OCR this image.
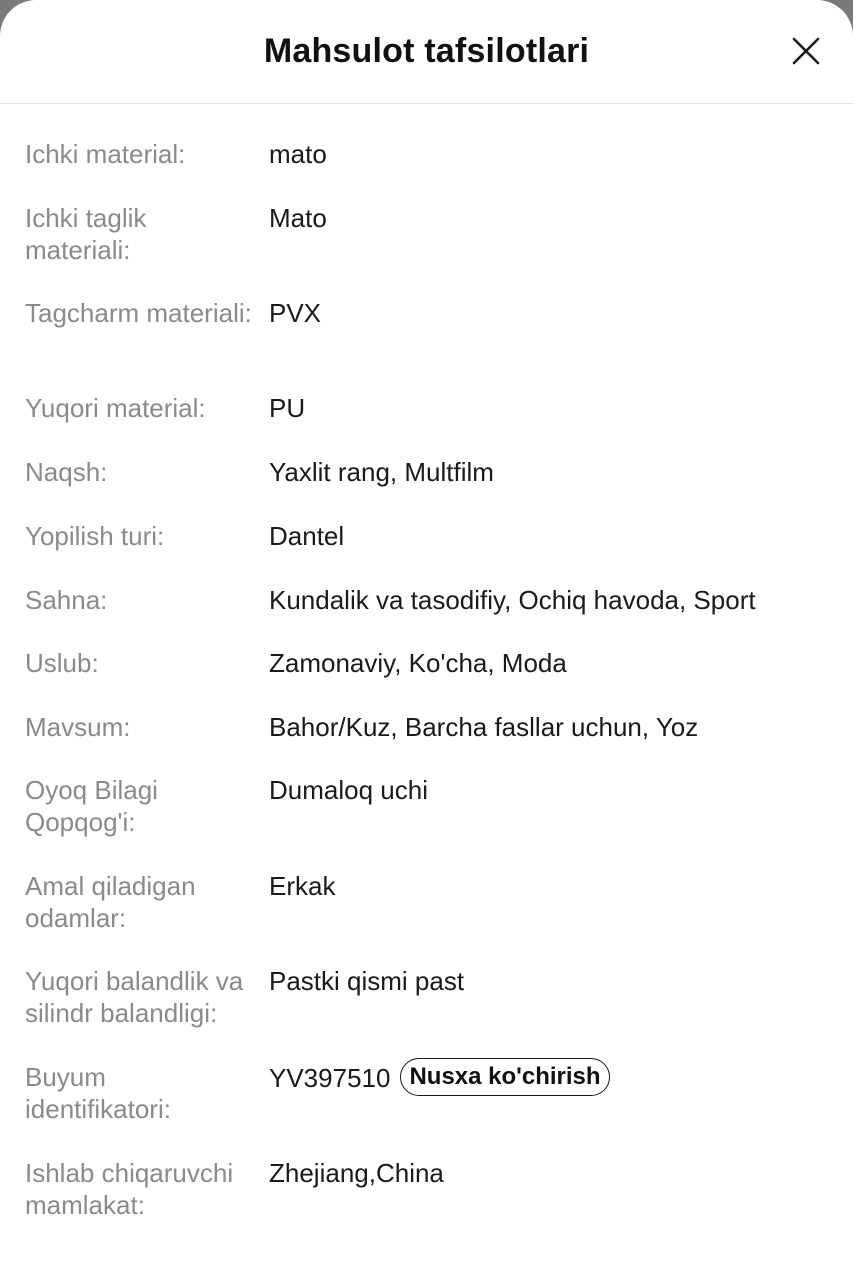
Mahsulot tafsilotlari
Ichki material:	mato
Ichki taglik materiali:
Mato
Tagcharm materiali: PVX
Yuqori material:	PU
Naqsh:	Yaxlit rang, Multfilm
Yopilish turi:	Dantel
Sahna:	Kundalik va tasodifiy, Ochiq havoda, Sport
Uslub:	Zamonaviy, Ko'cha, Moda
Mavsum:	Bahor/Kuz, Barcha fasllar uchun, Yoz
Oyoq Bilagi Qopqog'i:
Dumaloq uchi
Amal qiladigan odamlar:
Erkak
Yuqori balandlik va silindr balandligi:
Pastki qismi past
Buyum identifikatori:
YV397510 Nusxa ko'chirish
Ishlab chiqaruvchi mamlakat:
Zhejiang,China
